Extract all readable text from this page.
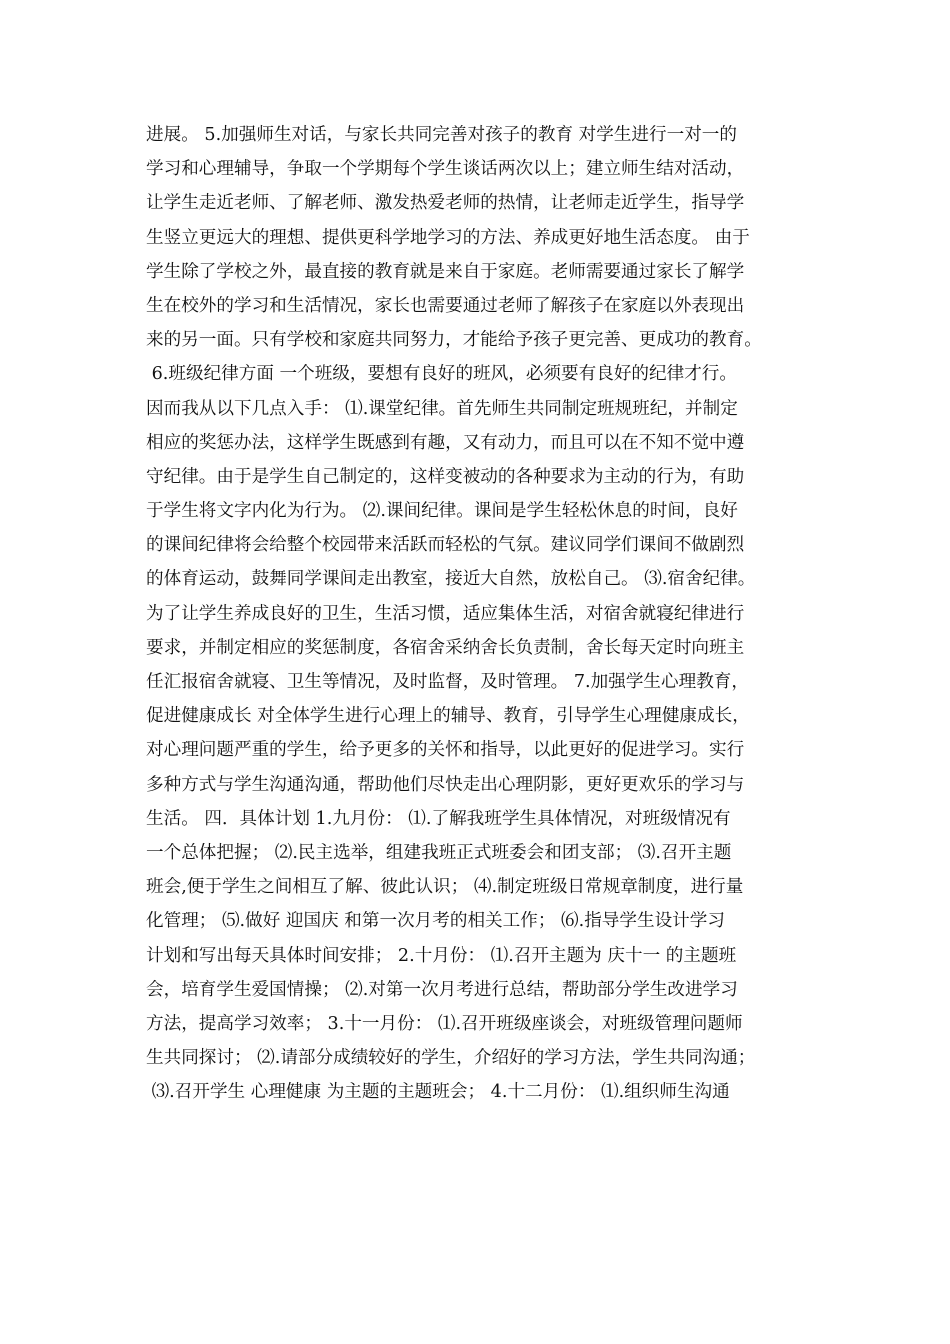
进展。 5.加强师生对话，与家长共同完善对孩子的教育 对学生进行一对一的
学习和心理辅导，争取一个学期每个学生谈话两次以上；建立师生结对活动，
让学生走近老师、了解老师、激发热爱老师的热情，让老师走近学生，指导学
生竖立更远大的理想、提供更科学地学习的方法、养成更好地生活态度。 由于
学生除了学校之外，最直接的教育就是来自于家庭。老师需要通过家长了解学
生在校外的学习和生活情况，家长也需要通过老师了解孩子在家庭以外表现出
来的另一面。只有学校和家庭共同努力，才能给予孩子更完善、更成功的教育。
6.班级纪律方面 一个班级，要想有良好的班风，必须要有良好的纪律才行。
因而我从以下几点入手： ⑴.课堂纪律。首先师生共同制定班规班纪，并制定
相应的奖惩办法，这样学生既感到有趣，又有动力，而且可以在不知不觉中遵
守纪律。由于是学生自己制定的，这样变被动的各种要求为主动的行为，有助
于学生将文字内化为行为。 ⑵.课间纪律。课间是学生轻松休息的时间，良好
的课间纪律将会给整个校园带来活跃而轻松的气氛。建议同学们课间不做剧烈
的体育运动，鼓舞同学课间走出教室，接近大自然，放松自己。 ⑶.宿舍纪律。
为了让学生养成良好的卫生，生活习惯，适应集体生活，对宿舍就寝纪律进行
要求，并制定相应的奖惩制度，各宿舍采纳舍长负责制，舍长每天定时向班主
任汇报宿舍就寝、卫生等情况，及时监督，及时管理。 7.加强学生心理教育，
促进健康成长 对全体学生进行心理上的辅导、教育，引导学生心理健康成长，
对心理问题严重的学生，给予更多的关怀和指导，以此更好的促进学习。实行
多种方式与学生沟通沟通，帮助他们尽快走出心理阴影，更好更欢乐的学习与
生活。 四．具体计划 1.九月份： ⑴.了解我班学生具体情况，对班级情况有
一个总体把握； ⑵.民主选举，组建我班正式班委会和团支部； ⑶.召开主题
班会,便于学生之间相互了解、彼此认识； ⑷.制定班级日常规章制度，进行量
化管理； ⑸.做好 迎国庆 和第一次月考的相关工作； ⑹.指导学生设计学习
计划和写出每天具体时间安排； 2.十月份： ⑴.召开主题为 庆十一 的主题班
会，培育学生爱国情操； ⑵.对第一次月考进行总结，帮助部分学生改进学习
方法，提高学习效率； 3.十一月份： ⑴.召开班级座谈会，对班级管理问题师
生共同探讨； ⑵.请部分成绩较好的学生，介绍好的学习方法，学生共同沟通；
⑶.召开学生 心理健康 为主题的主题班会； 4.十二月份： ⑴.组织师生沟通
